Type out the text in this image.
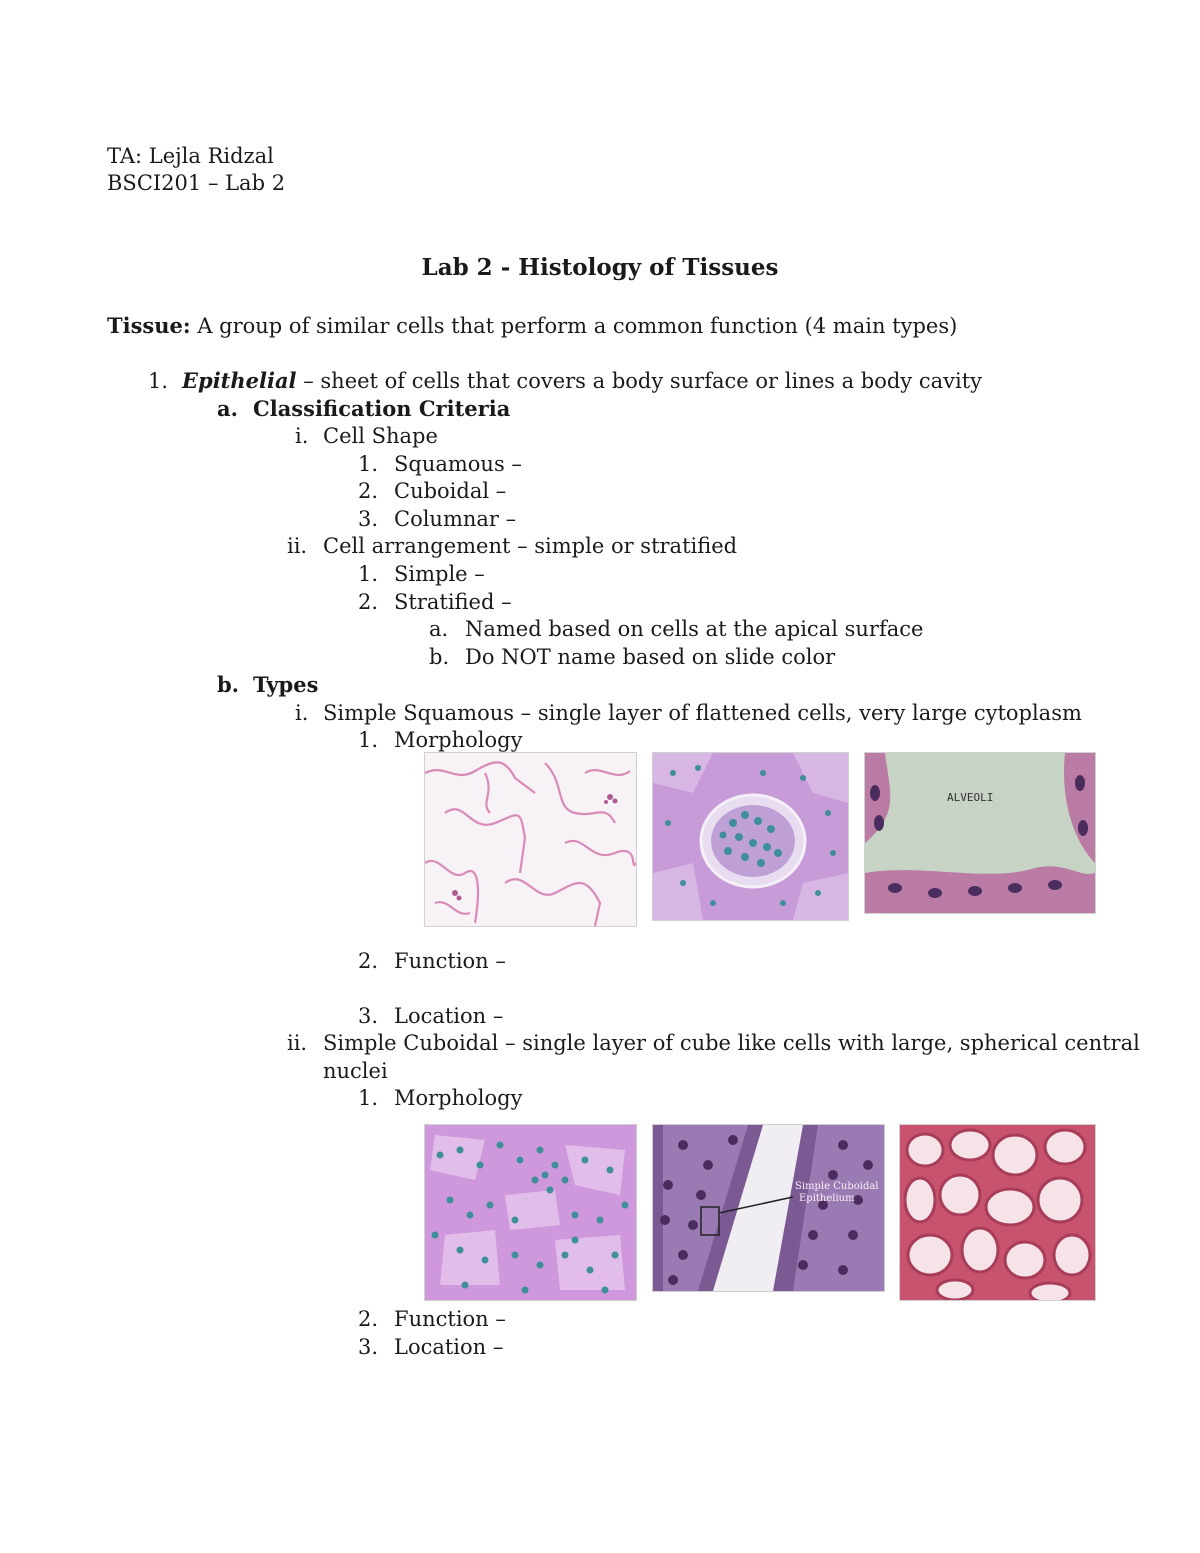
TA: Lejla Ridzal
BSCI201 – Lab 2
Lab 2 - Histology of Tissues
Tissue: A group of similar cells that perform a common function (4 main types)
1. Epithelial – sheet of cells that covers a body surface or lines a body cavity
a. Classification Criteria
i. Cell Shape
1. Squamous –
2. Cuboidal –
3. Columnar –
ii. Cell arrangement – simple or stratified
1. Simple –
2. Stratified –
a. Named based on cells at the apical surface
b. Do NOT name based on slide color
b. Types
i. Simple Squamous – single layer of flattened cells, very large cytoplasm
1. Morphology
ALVEOLI
2. Function –
3. Location –
ii. Simple Cuboidal – single layer of cube like cells with large, spherical central
nuclei
1. Morphology
Simple Cuboidal
Epithelium
2. Function –
3. Location –
